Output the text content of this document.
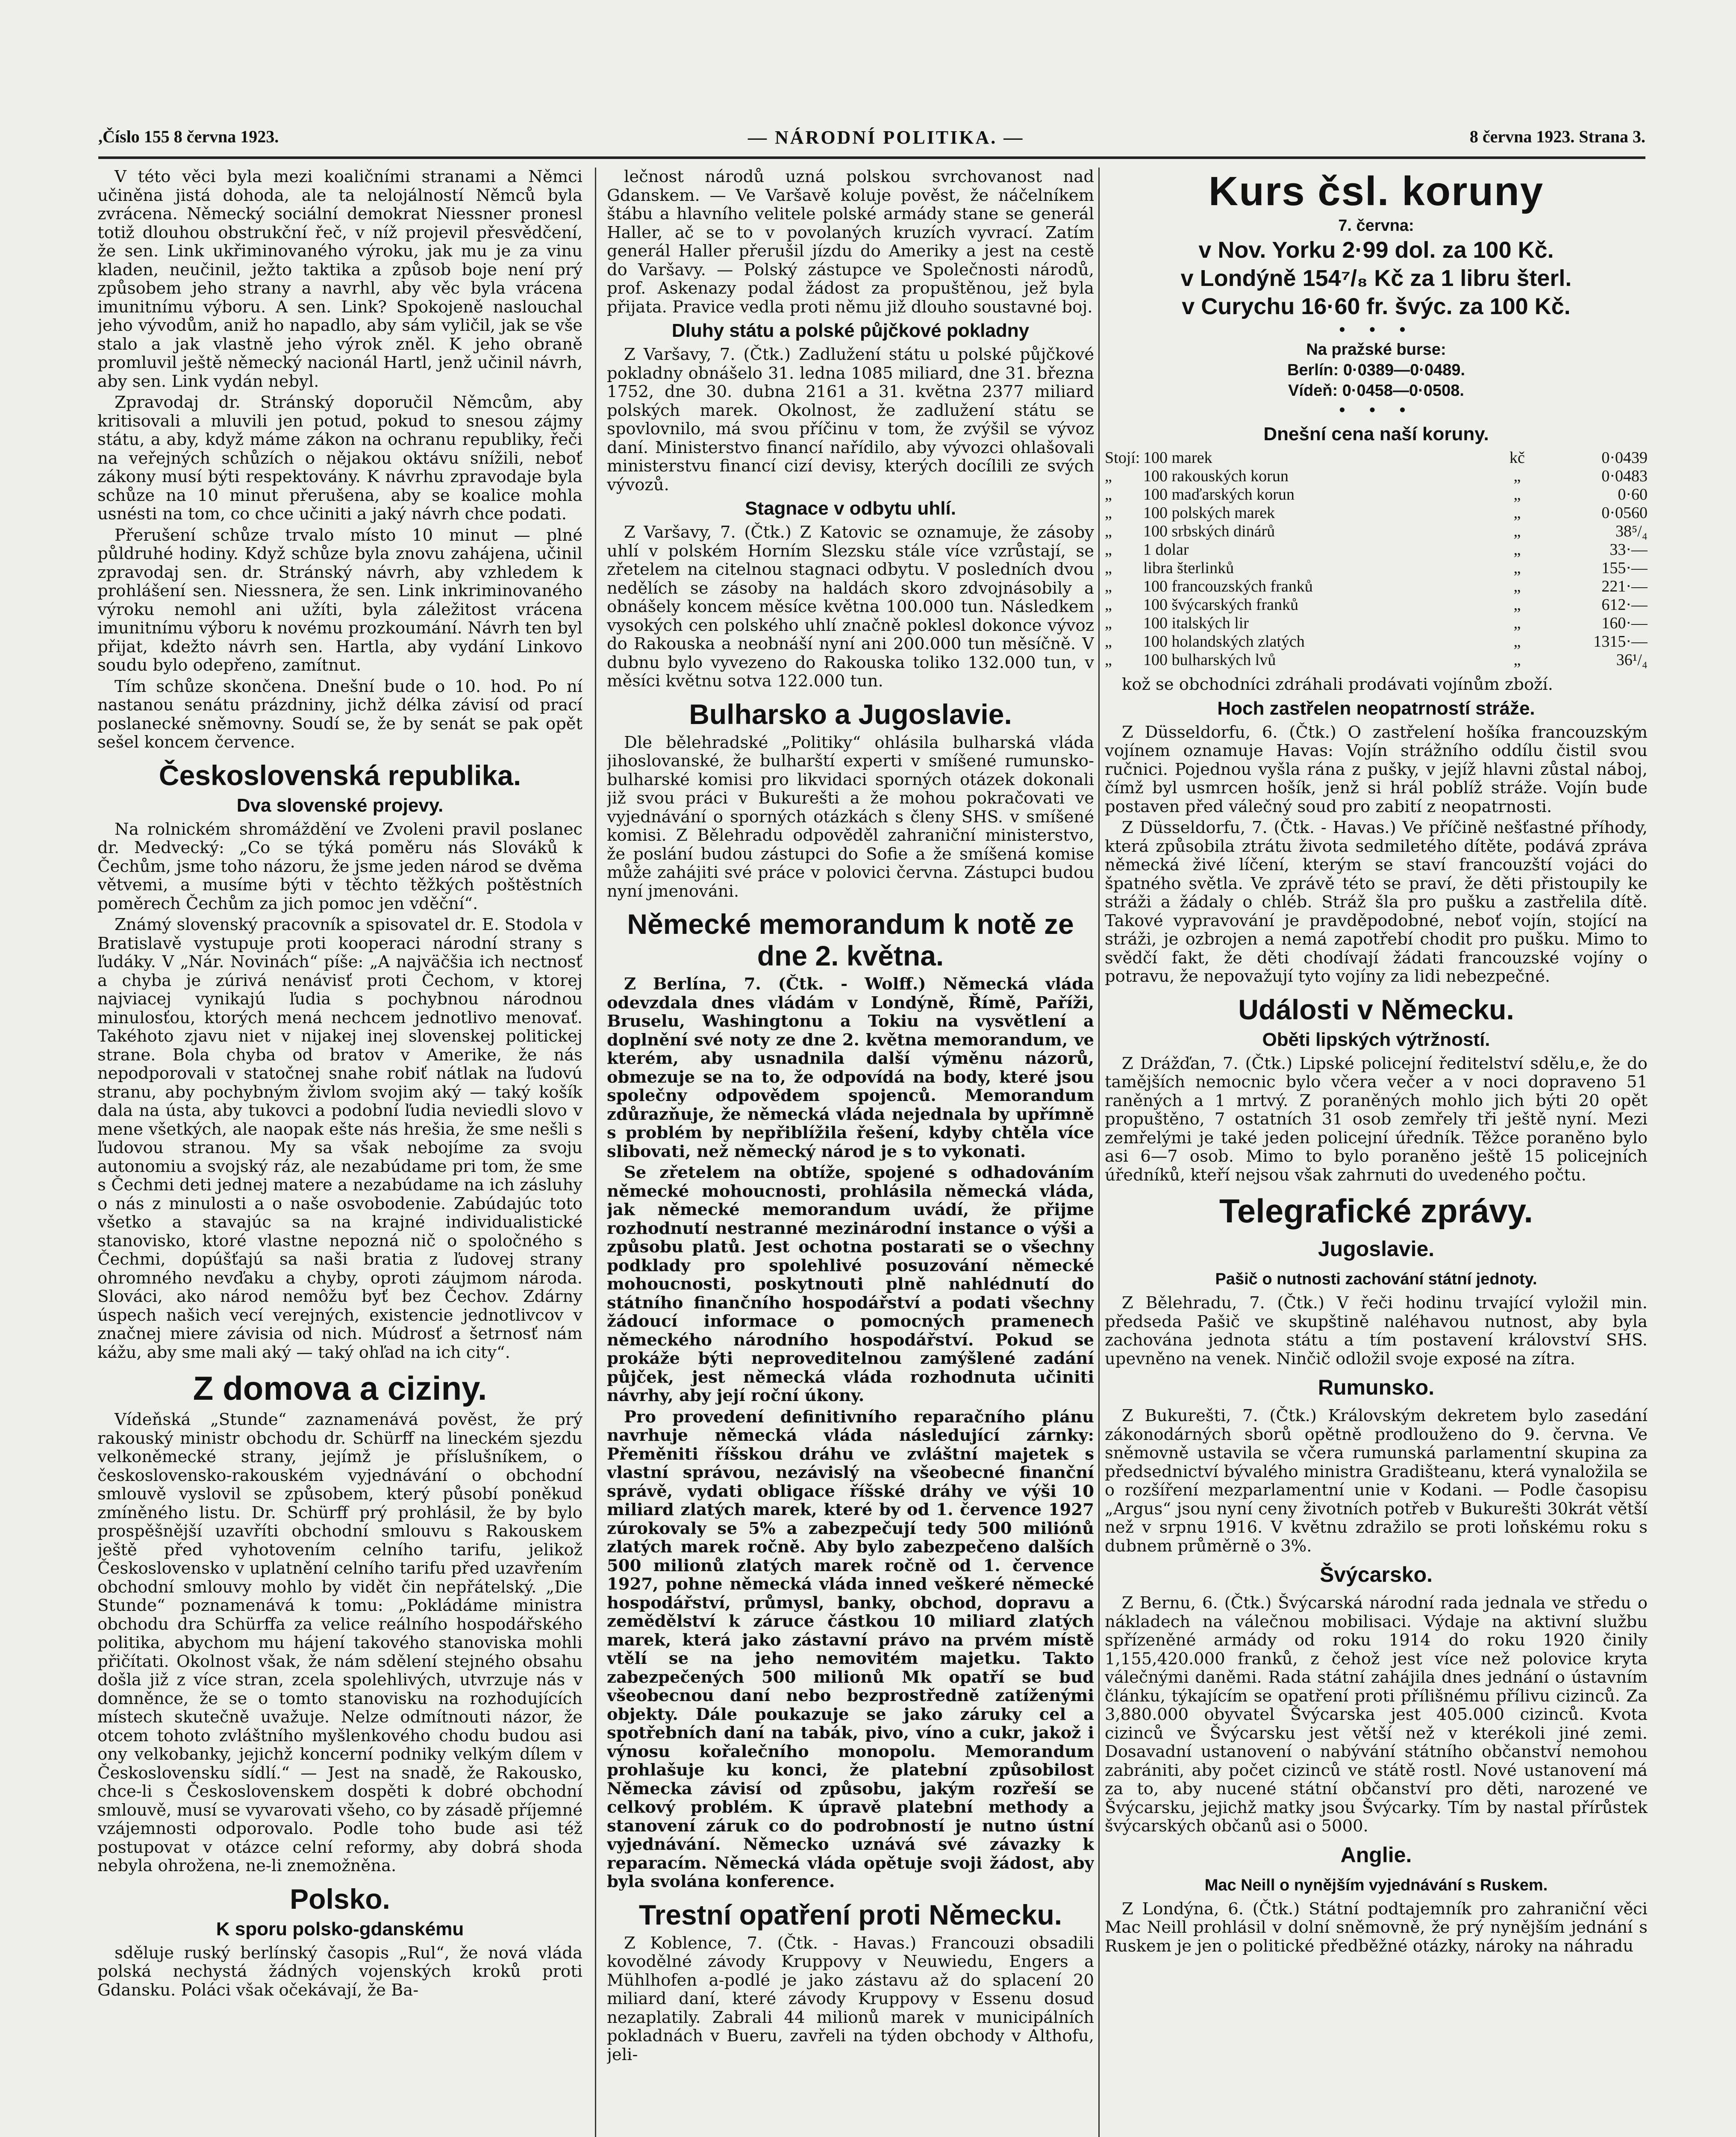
,Číslo 155 8 června 1923.	— NÁRODNÍ POLITIKA. —	8 června 1923. Strana 3.

V této věci byla mezi koaličními stranami a Němci učiněna jistá dohoda, ale ta nelojálností Němců byla zvrácena. Německý sociální demokrat Niessner pronesl totiž dlouhou obstrukční řeč, v níž projevil přesvědčení, že sen. Link ukřiminovaného výroku, jak mu je za vinu kladen, neučinil, ježto taktika a způsob boje není prý způsobem jeho strany a navrhl, aby věc byla vrácena imunitnímu výboru. A sen. Link? Spokojeně naslouchal jeho vývodům, aniž ho napadlo, aby sám vyličil, jak se vše stalo a jak vlastně jeho výrok zněl. K jeho obraně promluvil ještě německý nacionál Hartl, jenž učinil návrh, aby sen. Link vydán nebyl.

Zpravodaj dr. Stránský doporučil Němcům, aby kritisovali a mluvili jen potud, pokud to snesou zájmy státu, a aby, když máme zákon na ochranu republiky, řeči na veřejných schůzích o nějakou oktávu snížili, neboť zákony musí býti respektovány. K návrhu zpravodaje byla schůze na 10 minut přerušena, aby se koalice mohla usnésti na tom, co chce učiniti a jaký návrh chce podati.

Přerušení schůze trvalo místo 10 minut — plné půldruhé hodiny. Když schůze byla znovu zahájena, učinil zpravodaj sen. dr. Stránský návrh, aby vzhledem k prohlášení sen. Niessnera, že sen. Link inkriminovaného výroku nemohl ani užíti, byla záležitost vrácena imunitnímu výboru k novému prozkoumání. Návrh ten byl přijat, kdežto návrh sen. Hartla, aby vydání Linkovo soudu bylo odepřeno, zamítnut.

Tím schůze skončena. Dnešní bude o 10. hod. Po ní nastanou senátu prázdniny, jichž délka závisí od prací poslanecké sněmovny. Soudí se, že by senát se pak opět sešel koncem července.

Československá republika.
Dva slovenské projevy.

Na rolnickém shromáždění ve Zvoleni pravil poslanec dr. Medvecký: „Co se týká poměru nás Slováků k Čechům, jsme toho názoru, že jsme jeden národ se dvěma větvemi, a musíme býti v těchto těžkých poštěstních poměrech Čechům za jich pomoc jen vděční“.

Známý slovenský pracovník a spisovatel dr. E. Stodola v Bratislavě vystupuje proti kooperaci národní strany s ľudáky. V „Nár. Novinách“ píše: „A najväčšia ich nectnosť a chyba je zúrivá nenávisť proti Čechom, v ktorej najviacej vynikajú ľudia s pochybnou národnou minulosťou, ktorých mená nechcem jednotlivo menovať. Takéhoto zjavu niet v nijakej inej slovenskej politickej strane. Bola chyba od bratov v Amerike, že nás nepodporovali v statočnej snahe robiť nátlak na ľudovú stranu, aby pochybným živlom svojim aký — taký košík dala na ústa, aby tukovci a podobní ľudia neviedli slovo v mene všetkých, ale naopak ešte nás hrešia, že sme nešli s ľudovou stranou. My sa však nebojíme za svoju autonomiu a svojský ráz, ale nezabúdame pri tom, že sme s Čechmi deti jednej matere a nezabúdame na ich zásluhy o nás z minulosti a o naše osvobodenie. Zabúdajúc toto všetko a stavajúc sa na krajné individualistické stanovisko, ktoré vlastne nepozná nič o spoločného s Čechmi, dopúšťajú sa naši bratia z ľudovej strany ohromného nevďaku a chyby, oproti záujmom národa. Slováci, ako národ nemôžu byť bez Čechov. Zdárny úspech našich vecí verejných, existencie jednotlivcov v značnej miere závisia od nich. Múdrosť a šetrnosť nám kážu, aby sme mali aký — taký ohľad na ich city“.

Z domova a ciziny.

Vídeňská „Stunde“ zaznamenává pověst, že prý rakouský ministr obchodu dr. Schürff na lineckém sjezdu velkoněmecké strany, jejímž je příslušníkem, o československo-rakouském vyjednávání o obchodní smlouvě vyslovil se způsobem, který působí poněkud zmíněného listu. Dr. Schürff prý prohlásil, že by bylo prospěšnější uzavříti obchodní smlouvu s Rakouskem ještě před vyhotovením celního tarifu, jelikož Československo v uplatnění celního tarifu před uzavřením obchodní smlouvy mohlo by vidět čin nepřátelský. „Die Stunde“ poznamenává k tomu: „Pokládáme ministra obchodu dra Schürffa za velice reálního hospodářského politika, abychom mu hájení takového stanoviska mohli přičítati. Okolnost však, že nám sdělení stejného obsahu došla již z více stran, zcela spolehlivých, utvrzuje nás v domněnce, že se o tomto stanovisku na rozhodujících místech skutečně uvažuje. Nelze odmítnouti názor, že otcem tohoto zvláštního myšlenkového chodu budou asi ony velkobanky, jejichž koncerní podniky velkým dílem v Československu sídlí.“ — Jest na snadě, že Rakousko, chce-li s Československem dospěti k dobré obchodní smlouvě, musí se vyvarovati všeho, co by zásadě příjemné vzájemnosti odporovalo. Podle toho bude asi též postupovat v otázce celní reformy, aby dobrá shoda nebyla ohrožena, ne-li znemožněna.

Polsko.
K sporu polsko-gdanskému

sděluje ruský berlínský časopis „Rul“, že nová vláda polská nechystá žádných vojenských kroků proti Gdansku. Poláci však očekávají, že Ba-

lečnost národů uzná polskou svrchovanost nad Gdanskem. — Ve Varšavě koluje pověst, že náčelníkem štábu a hlavního velitele polské armády stane se generál Haller, ač se to v povolaných kruzích vyvrací. Zatím generál Haller přerušil jízdu do Ameriky a jest na cestě do Varšavy. — Polský zástupce ve Společnosti národů, prof. Askenazy podal žádost za propuštěnou, jež byla přijata. Pravice vedla proti němu již dlouho soustavné boj.

Dluhy státu a polské půjčkové pokladny

Z Varšavy, 7. (Čtk.) Zadlužení státu u polské půjčkové pokladny obnášelo 31. ledna 1085 miliard, dne 31. března 1752, dne 30. dubna 2161 a 31. května 2377 miliard polských marek. Okolnost, že zadlužení státu se spovlovnilo, má svou příčinu v tom, že zvýšil se vývoz daní. Ministerstvo financí nařídilo, aby vývozci ohlašovali ministerstvu financí cizí devisy, kterých docílili ze svých vývozů.

Stagnace v odbytu uhlí.

Z Varšavy, 7. (Čtk.) Z Katovic se oznamuje, že zásoby uhlí v polském Horním Slezsku stále více vzrůstají, se zřetelem na citelnou stagnaci odbytu. V posledních dvou nedělích se zásoby na haldách skoro zdvojnásobily a obnášely koncem měsíce května 100.000 tun. Následkem vysokých cen polského uhlí značně poklesl dokonce vývoz do Rakouska a neobnáší nyní ani 200.000 tun měsíčně. V dubnu bylo vyvezeno do Rakouska toliko 132.000 tun, v měsíci květnu sotva 122.000 tun.

Bulharsko a Jugoslavie.

Dle bělehradské „Politiky“ ohlásila bulharská vláda jihoslovanské, že bulharští experti v smíšené rumunsko-bulharské komisi pro likvidaci sporných otázek dokonali již svou práci v Bukurešti a že mohou pokračovati ve vyjednávání o sporných otázkách s členy SHS. v smíšené komisi. Z Bělehradu odpověděl zahraniční ministerstvo, že poslání budou zástupci do Sofie a že smíšená komise může zahájiti své práce v polovici června. Zástupci budou nyní jmenováni.

Německé memorandum k notě ze dne 2. května.

Z Berlína, 7. (Čtk. - Wolff.) Německá vláda odevzdala dnes vládám v Londýně, Římě, Paříži, Bruselu, Washingtonu a Tokiu na vysvětlení a doplnění své noty ze dne 2. května memorandum, ve kterém, aby usnadnila další výměnu názorů, obmezuje se na to, že odpovídá na body, které jsou společny odpovědem spojenců. Memorandum zdůrazňuje, že německá vláda nejednala by upřímně s problém by nepřiblížila řešení, kdyby chtěla více slibovati, než německý národ je s to vykonati.

Se zřetelem na obtíže, spojené s odhadováním německé mohoucnosti, prohlásila německá vláda, jak německé memorandum uvádí, že přijme rozhodnutí nestranné mezinárodní instance o výši a způsobu platů. Jest ochotna postarati se o všechny podklady pro spolehlivé posuzování německé mohoucnosti, poskytnouti plně nahlédnutí do státního finančního hospodářství a podati všechny žádoucí informace o pomocných pramenech německého národního hospodářství. Pokud se prokáže býti neproveditelnou zamýšlené zadání půjček, jest německá vláda rozhodnuta učiniti návrhy, aby její roční úkony.

Pro provedení definitivního reparačního plánu navrhuje německá vláda následující zárnky: Přeměniti říšskou dráhu ve zvláštní majetek s vlastní správou, nezávislý na všeobecné finanční správě, vydati obligace říšské dráhy ve výši 10 miliard zlatých marek, které by od 1. července 1927 zúrokovaly se 5% a zabezpečují tedy 500 miliónů zlatých marek ročně. Aby bylo zabezpečeno dalších 500 milionů zlatých marek ročně od 1. července 1927, pohne německá vláda inned veškeré německé hospodářství, průmysl, banky, obchod, dopravu a zemědělství k záruce částkou 10 miliard zlatých marek, která jako zástavní právo na prvém místě vtělí se na jeho nemovitém majetku. Takto zabezpečených 500 milionů Mk opatří se bud všeobecnou daní nebo bezprostředně zatíženými objekty. Dále poukazuje se jako záruky cel a spotřebních daní na tabák, pivo, víno a cukr, jakož i výnosu kořalečního monopolu. Memorandum prohlašuje ku konci, že platební způsobilost Německa závisí od způsobu, jakým rozřeší se celkový problém. K úpravě platební methody a stanovení záruk co do podrobností je nutno ústní vyjednávání. Německo uznává své závazky k reparacím. Německá vláda opětuje svoji žádost, aby byla svolána konference.

Trestní opatření proti Německu.

Z Koblence, 7. (Čtk. - Havas.) Francouzi obsadili kovodělné závody Kruppovy v Neuwiedu, Engers a Mühlhofen a-podlé je jako zástavu až do splacení 20 miliard daní, které závody Kruppovy v Essenu dosud nezaplatily. Zabrali 44 milionů marek v municipálních pokladnách v Bueru, zavřeli na týden obchody v Althofu, jeli-

Kurs čsl. koruny
7. června:
v Nov. Yorku 2·99 dol. za 100 Kč.
v Londýně 154⁷/₈ Kč za 1 libru šterl.
v Curychu 16·60 fr. švýc. za 100 Kč.
• • •
Na pražské burse:
Berlín: 0·0389—0·0489.
Vídeň: 0·0458—0·0508.
• • •
Dnešní cena naší koruny.
Stojí:	100 marek	kč	0·0439
„	100 rakouských korun	„	0·0483
„	100 maďarských korun	„	0·60
„	100 polských marek	„	0·0560
„	100 srbských dinárů	„	38⁵/₄
„	1 dolar	„	33·—
„	libra šterlinků	„	155·—
„	100 francouzských franků	„	221·—
„	100 švýcarských franků	„	612·—
„	100 italských lir	„	160·—
„	100 holandských zlatých	„	1315·—
„	100 bulharských lvů	„	36¹/₄

kož se obchodníci zdráhali prodávati vojínům zboží.

Hoch zastřelen neopatrností stráže.

Z Düsseldorfu, 6. (Čtk.) O zastřelení hošíka francouzským vojínem oznamuje Havas: Vojín strážního oddílu čistil svou ručnici. Pojednou vyšla rána z pušky, v jejíž hlavni zůstal náboj, čímž byl usmrcen hošík, jenž si hrál poblíž stráže. Vojín bude postaven před válečný soud pro zabití z neopatrnosti.

Z Düsseldorfu, 7. (Čtk. - Havas.) Ve příčině nešťastné příhody, která způsobila ztrátu života sedmiletého dítěte, podává zpráva německá živé líčení, kterým se staví francouzští vojáci do špatného světla. Ve zprávě této se praví, že děti přistoupily ke stráži a žádaly o chléb. Stráž šla pro pušku a zastřelila dítě. Takové vypravování je pravděpodobné, neboť vojín, stojící na stráži, je ozbrojen a nemá zapotřebí chodit pro pušku. Mimo to svědčí fakt, že děti chodívají žádati francouzské vojíny o potravu, že nepovažují tyto vojíny za lidi nebezpečné.

Události v Německu.
Oběti lipských výtržností.

Z Drážďan, 7. (Čtk.) Lipské policejní ředitelství sdělu,e, že do tamějších nemocnic bylo včera večer a v noci dopraveno 51 raněných a 1 mrtvý. Z poraněných mohlo jich býti 20 opět propuštěno, 7 ostatních 31 osob zemřely tři ještě nyní. Mezi zemřelými je také jeden policejní úředník. Těžce poraněno bylo asi 6—7 osob. Mimo to bylo poraněno ještě 15 policejních úředníků, kteří nejsou však zahrnuti do uvedeného počtu.

Telegrafické zprávy.
Jugoslavie.
Pašič o nutnosti zachování státní jednoty.

Z Bělehradu, 7. (Čtk.) V řeči hodinu trvající vyložil min. předseda Pašič ve skupštině naléhavou nutnost, aby byla zachována jednota státu a tím postavení království SHS. upevněno na venek. Ninčič odložil svoje exposé na zítra.

Rumunsko.

Z Bukurešti, 7. (Čtk.) Královským dekretem bylo zasedání zákonodárných sborů opětně prodlouženo do 9. června. Ve sněmovně ustavila se včera rumunská parlamentní skupina za předsednictví bývalého ministra Gradišteanu, která vynaložila se o rozšíření mezparlamentní unie v Kodani. — Podle časopisu „Argus“ jsou nyní ceny životních potřeb v Bukurešti 30krát větší než v srpnu 1916. V květnu zdražilo se proti loňskému roku s dubnem průměrně o 3%.

Švýcarsko.

Z Bernu, 6. (Čtk.) Švýcarská národní rada jednala ve středu o nákladech na válečnou mobilisaci. Výdaje na aktivní službu spřízeněné armády od roku 1914 do roku 1920 činily 1,155,420.000 franků, z čehož jest více než polovice kryta válečnými daněmi. Rada státní zahájila dnes jednání o ústavním článku, týkajícím se opatření proti přílišnému přílivu cizinců. Za 3,880.000 obyvatel Švýcarska jest 405.000 cizinců. Kvota cizinců ve Švýcarsku jest větší než v kterékoli jiné zemi. Dosavadní ustanovení o nabývání státního občanství nemohou zabrániti, aby počet cizinců ve státě rostl. Nové ustanovení má za to, aby nucené státní občanství pro děti, narozené ve Švýcarsku, jejichž matky jsou Švýcarky. Tím by nastal přírůstek švýcarských občanů asi o 5000.

Anglie.
Mac Neill o nynějším vyjednávání s Ruskem.

Z Londýna, 6. (Čtk.) Státní podtajemník pro zahraniční věci Mac Neill prohlásil v dolní sněmovně, že prý nynějším jednání s Ruskem je jen o politické předběžné otázky, nároky na náhradu
